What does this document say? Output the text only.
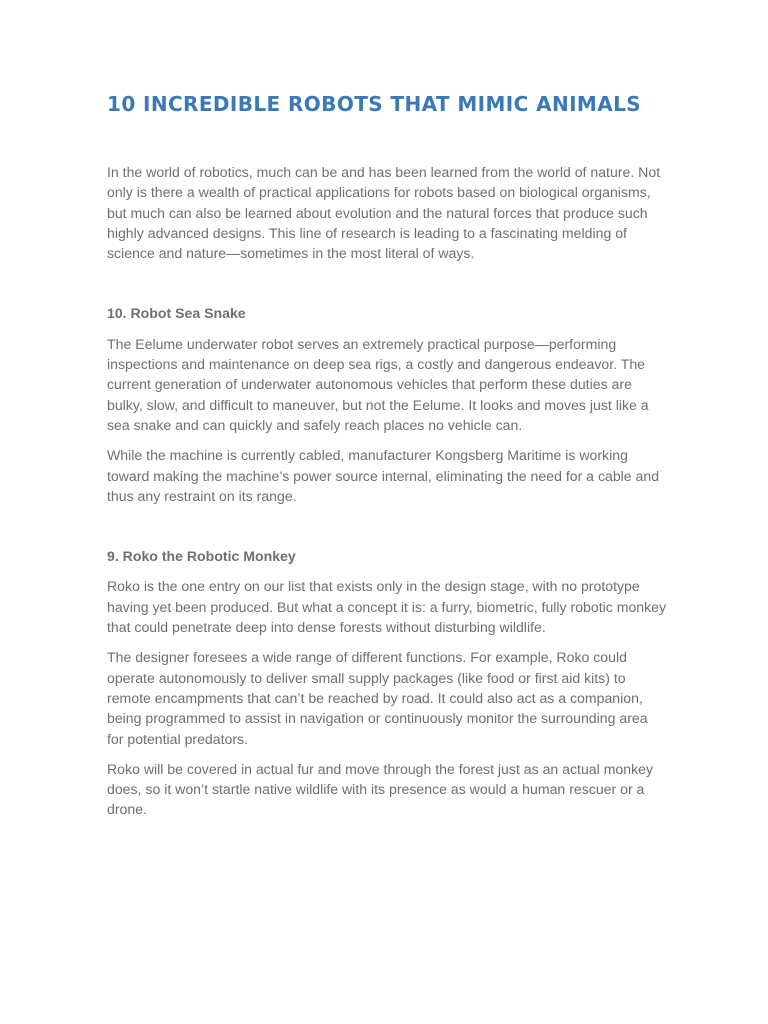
10 INCREDIBLE ROBOTS THAT MIMIC ANIMALS

In the world of robotics, much can be and has been learned from the world of nature. Not only is there a wealth of practical applications for robots based on biological organisms, but much can also be learned about evolution and the natural forces that produce such highly advanced designs. This line of research is leading to a fascinating melding of science and nature—sometimes in the most literal of ways.

10. Robot Sea Snake

The Eelume underwater robot serves an extremely practical purpose—performing inspections and maintenance on deep sea rigs, a costly and dangerous endeavor. The current generation of underwater autonomous vehicles that perform these duties are bulky, slow, and difficult to maneuver, but not the Eelume. It looks and moves just like a sea snake and can quickly and safely reach places no vehicle can.

While the machine is currently cabled, manufacturer Kongsberg Maritime is working toward making the machine’s power source internal, eliminating the need for a cable and thus any restraint on its range.

9. Roko the Robotic Monkey

Roko is the one entry on our list that exists only in the design stage, with no prototype having yet been produced. But what a concept it is: a furry, biometric, fully robotic monkey that could penetrate deep into dense forests without disturbing wildlife.

The designer foresees a wide range of different functions. For example, Roko could operate autonomously to deliver small supply packages (like food or first aid kits) to remote encampments that can’t be reached by road. It could also act as a companion, being programmed to assist in navigation or continuously monitor the surrounding area for potential predators.

Roko will be covered in actual fur and move through the forest just as an actual monkey does, so it won’t startle native wildlife with its presence as would a human rescuer or a drone.
